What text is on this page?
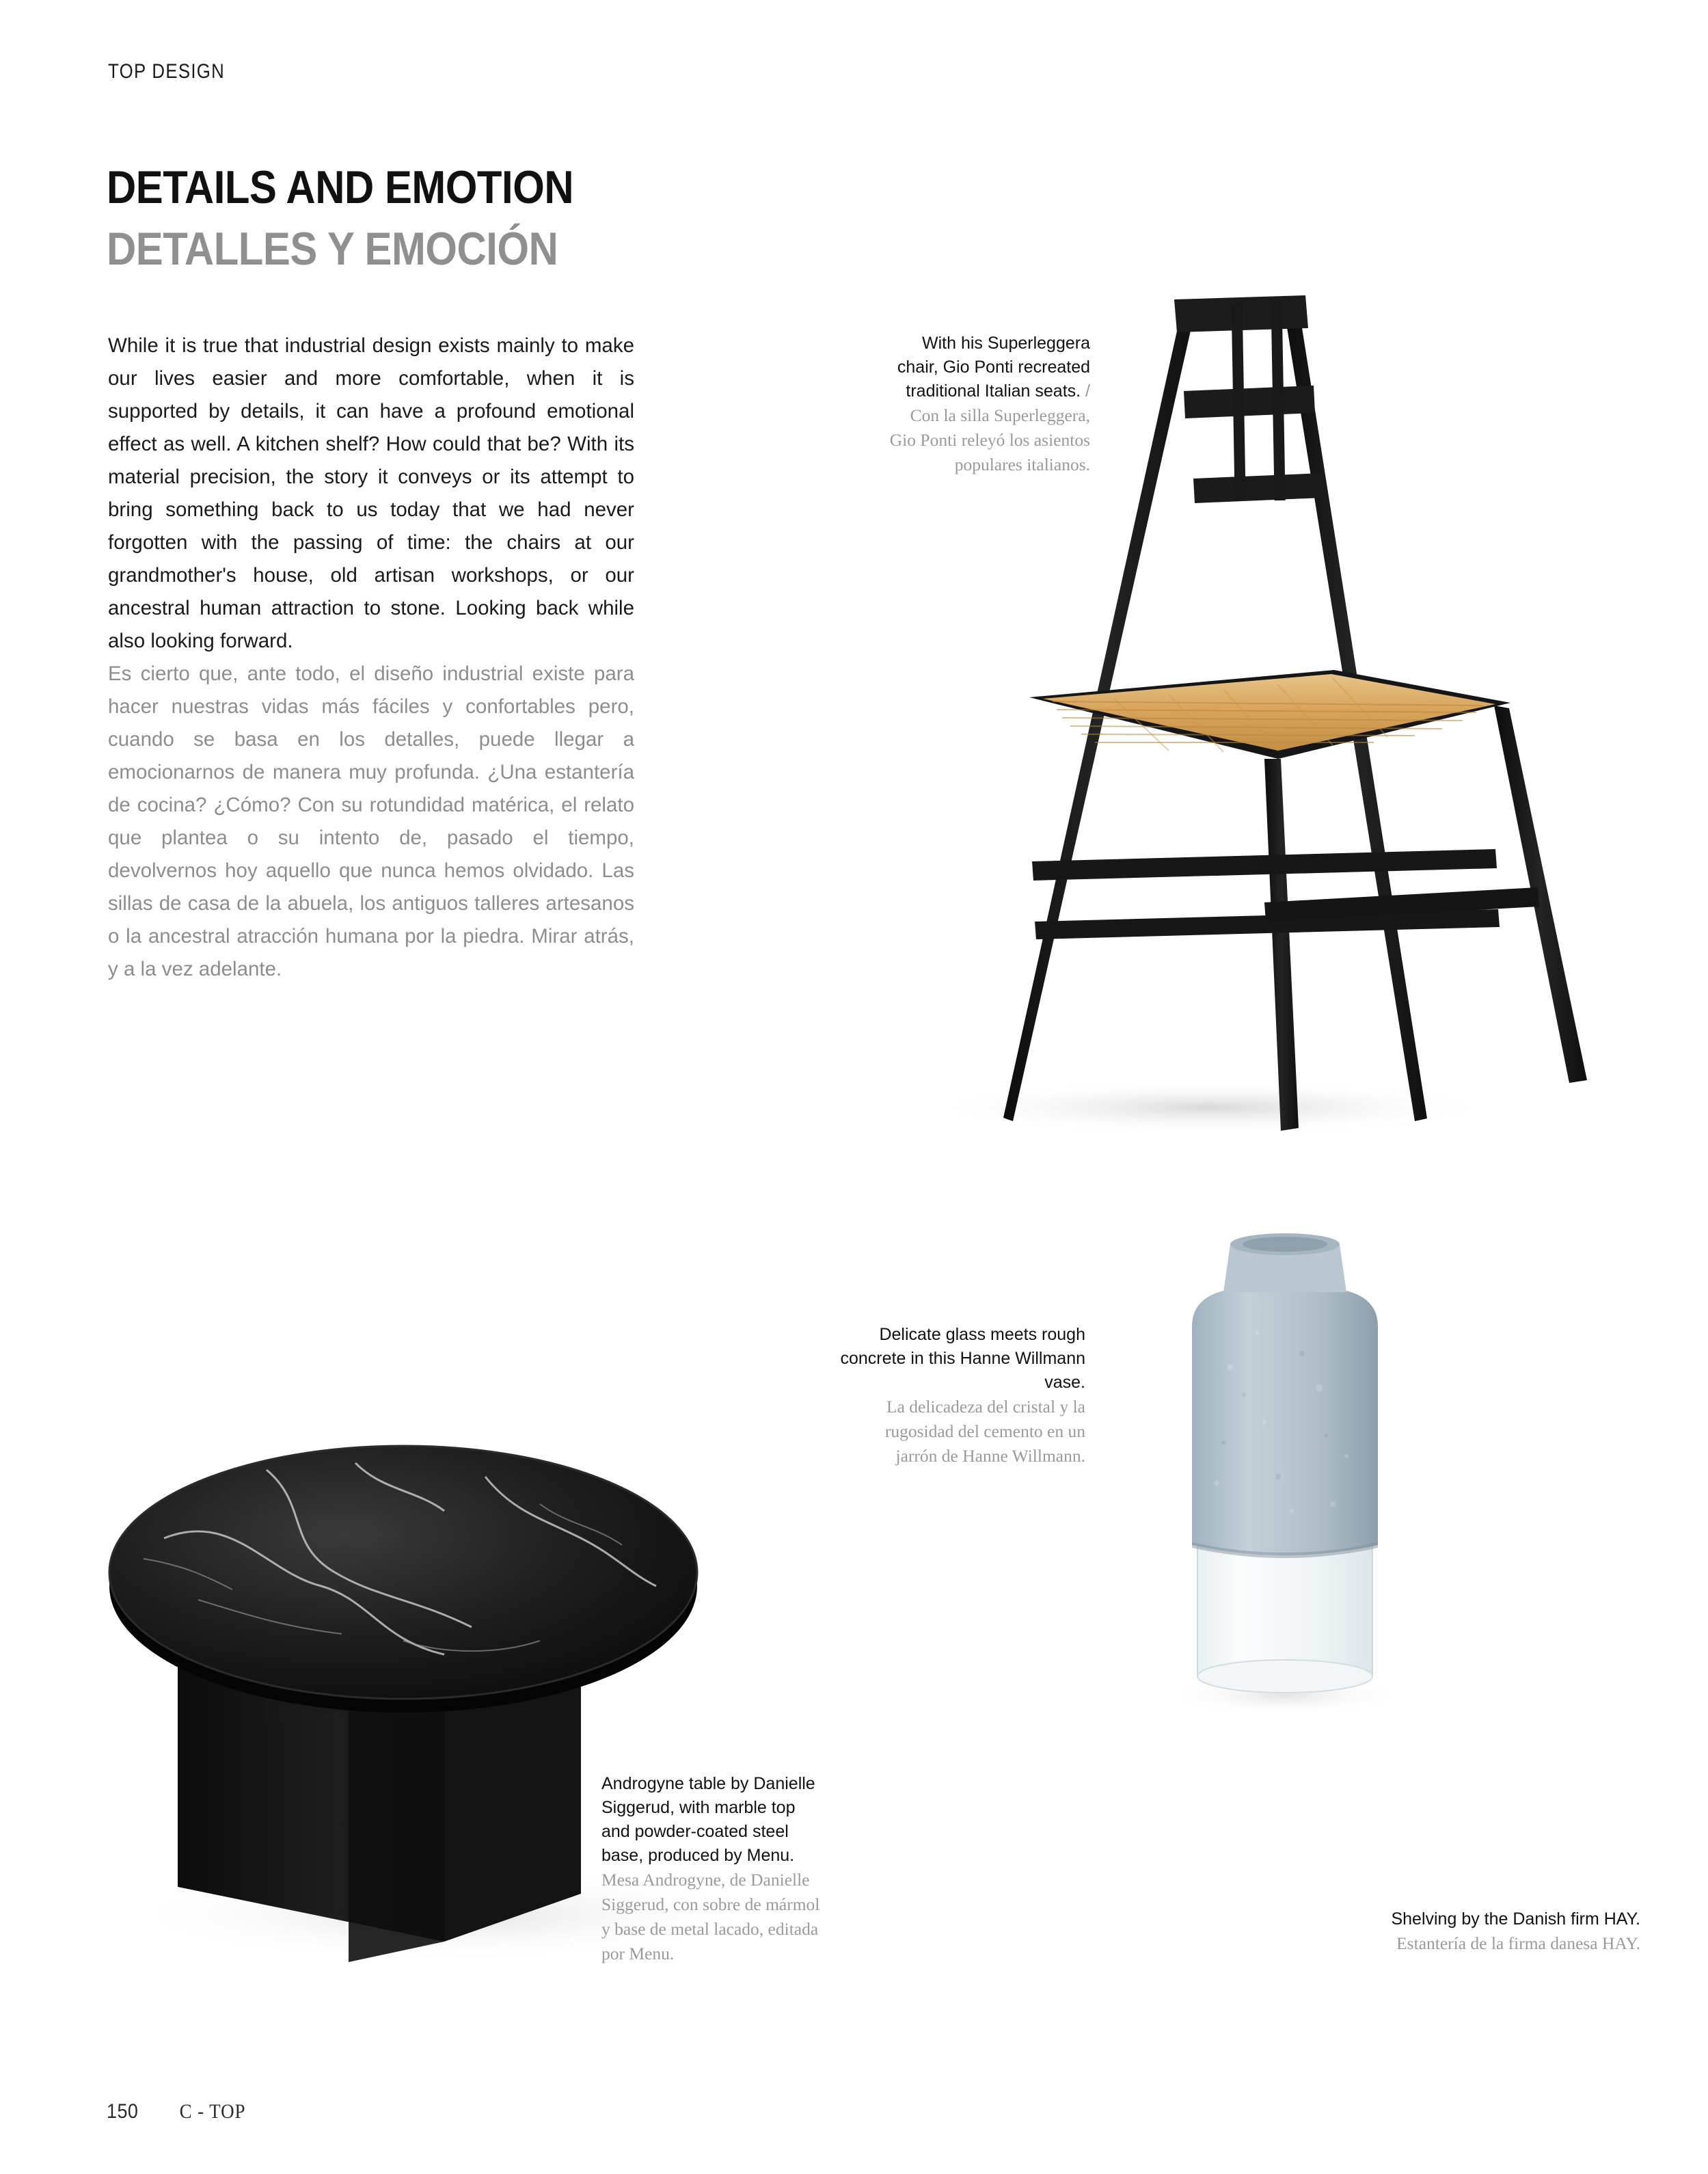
TOP DESIGN
DETAILS AND EMOTION
DETALLES Y EMOCIÓN
While it is true that industrial design exists mainly to make our lives easier and more comfortable, when it is supported by details, it can have a profound emotional effect as well. A kitchen shelf? How could that be? With its material precision, the story it conveys or its attempt to bring something back to us today that we had never forgotten with the passing of time: the chairs at our grandmother's house, old artisan workshops, or our ancestral human attraction to stone. Looking back while also looking forward.
Es cierto que, ante todo, el diseño industrial existe para hacer nuestras vidas más fáciles y confortables pero, cuando se basa en los detalles, puede llegar a emocionarnos de manera muy profunda. ¿Una estantería de cocina? ¿Cómo? Con su rotundidad matérica, el relato que plantea o su intento de, pasado el tiempo, devolvernos hoy aquello que nunca hemos olvidado. Las sillas de casa de la abuela, los antiguos talleres artesanos o la ancestral atracción humana por la piedra. Mirar atrás, y a la vez adelante.
With his Superleggera chair, Gio Ponti recreated traditional Italian seats. / Con la silla Superleggera, Gio Ponti releyó los asientos populares italianos.
Androgyne table by Danielle Siggerud, with marble top and powder-coated steel base, produced by Menu.
Mesa Androgyne, de Danielle Siggerud, con sobre de mármol y base de metal lacado, editada por Menu.
Delicate glass meets rough concrete in this Hanne Willmann vase.
La delicadeza del cristal y la rugosidad del cemento en un jarrón de Hanne Willmann.
Shelving by the Danish firm HAY.
Estantería de la firma danesa HAY.
150 C - TOP
